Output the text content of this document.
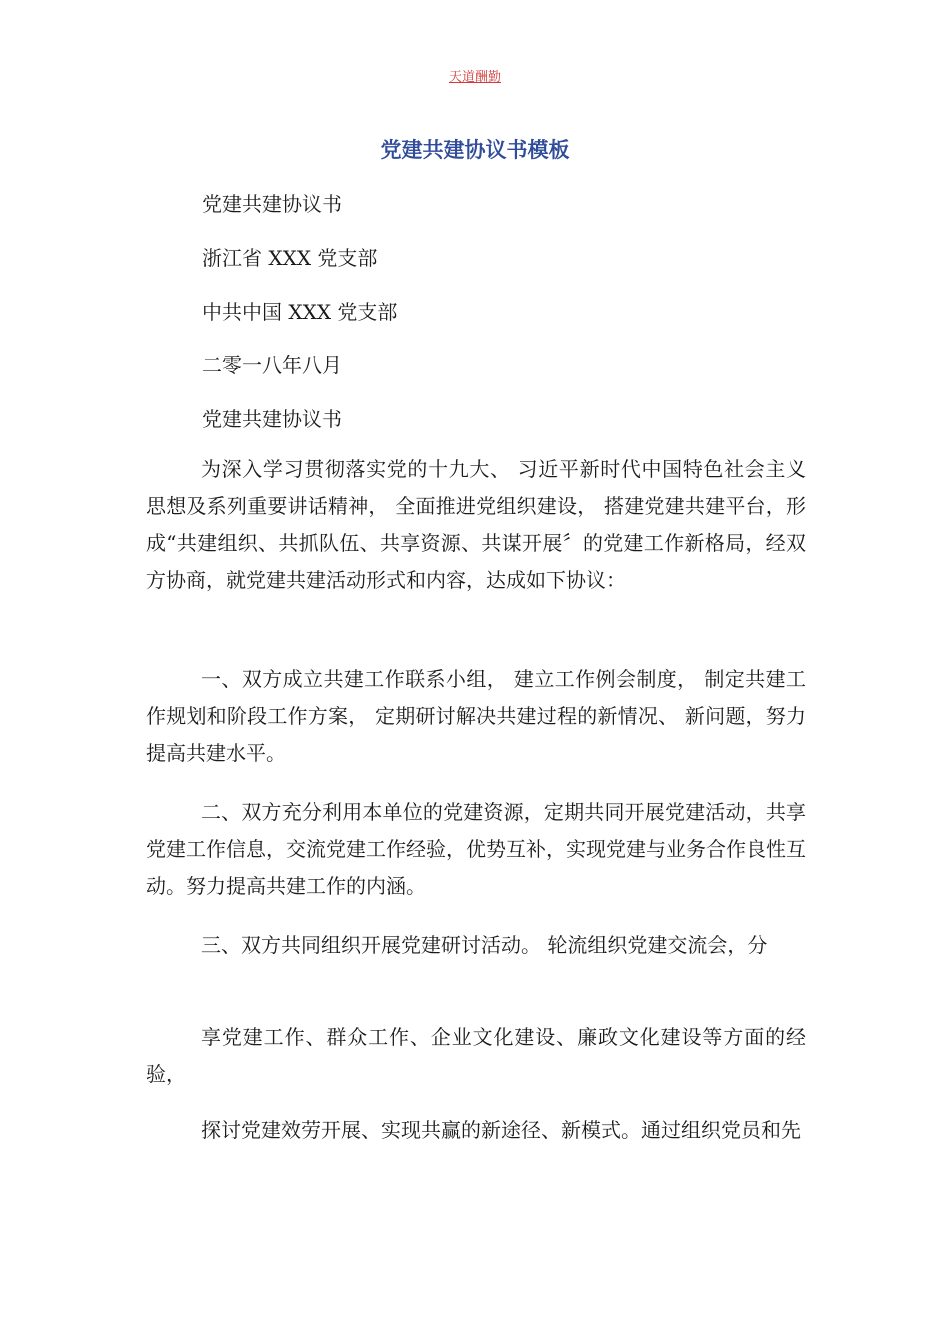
天道酬勤
党建共建协议书模板
党建共建协议书
浙江省 XXX 党支部
中共中国 XXX 党支部
二零一八年八月
党建共建协议书
为深入学习贯彻落实党的十九大、 习近平新时代中国特色社会主义思想及系列重要讲话精神， 全面推进党组织建设， 搭建党建共建平台，形成“共建组织、共抓队伍、共享资源、共谋开展〞的党建工作新格局，经双方协商，就党建共建活动形式和内容，达成如下协议：
一、双方成立共建工作联系小组， 建立工作例会制度， 制定共建工作规划和阶段工作方案， 定期研讨解决共建过程的新情况、 新问题，努力提高共建水平。
二、双方充分利用本单位的党建资源，定期共同开展党建活动，共享党建工作信息，交流党建工作经验，优势互补，实现党建与业务合作良性互动。努力提高共建工作的内涵。
三、双方共同组织开展党建研讨活动。 轮流组织党建交流会，分
享党建工作、群众工作、企业文化建设、廉政文化建设等方面的经验，
探讨党建效劳开展、实现共赢的新途径、新模式。通过组织党员和先
